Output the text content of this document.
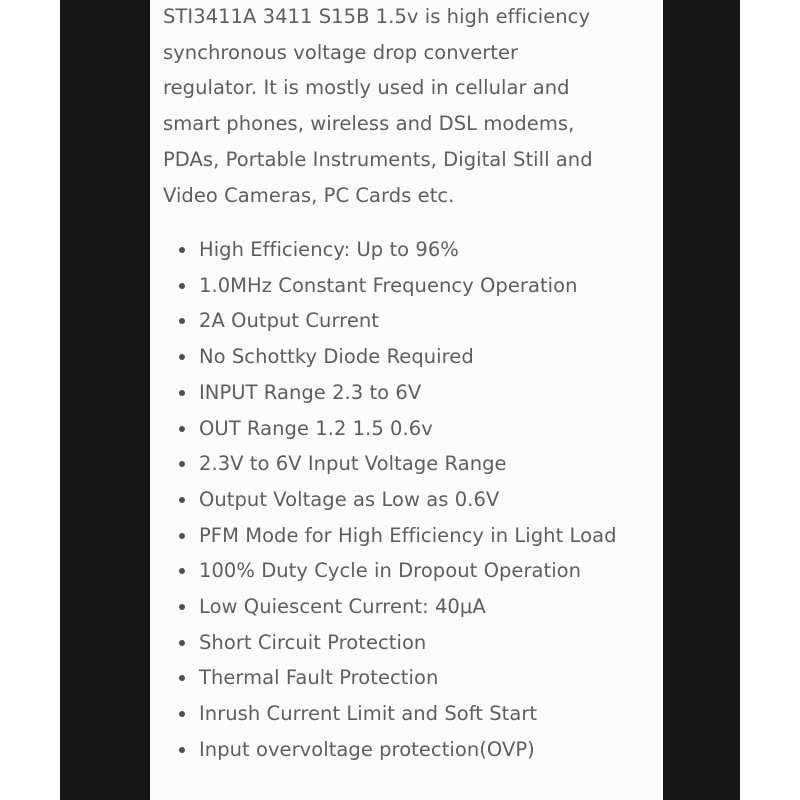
STI3411A 3411 S15B 1.5v is high efficiency
synchronous voltage drop converter
regulator. It is mostly used in cellular and
smart phones, wireless and DSL modems,
PDAs, Portable Instruments, Digital Still and
Video Cameras, PC Cards etc.

High Efficiency: Up to 96%
1.0MHz Constant Frequency Operation
2A Output Current
No Schottky Diode Required
INPUT Range 2.3 to 6V
OUT Range 1.2 1.5 0.6v
2.3V to 6V Input Voltage Range
Output Voltage as Low as 0.6V
PFM Mode for High Efficiency in Light Load
100% Duty Cycle in Dropout Operation
Low Quiescent Current: 40μA
Short Circuit Protection
Thermal Fault Protection
Inrush Current Limit and Soft Start
Input overvoltage protection(OVP)
